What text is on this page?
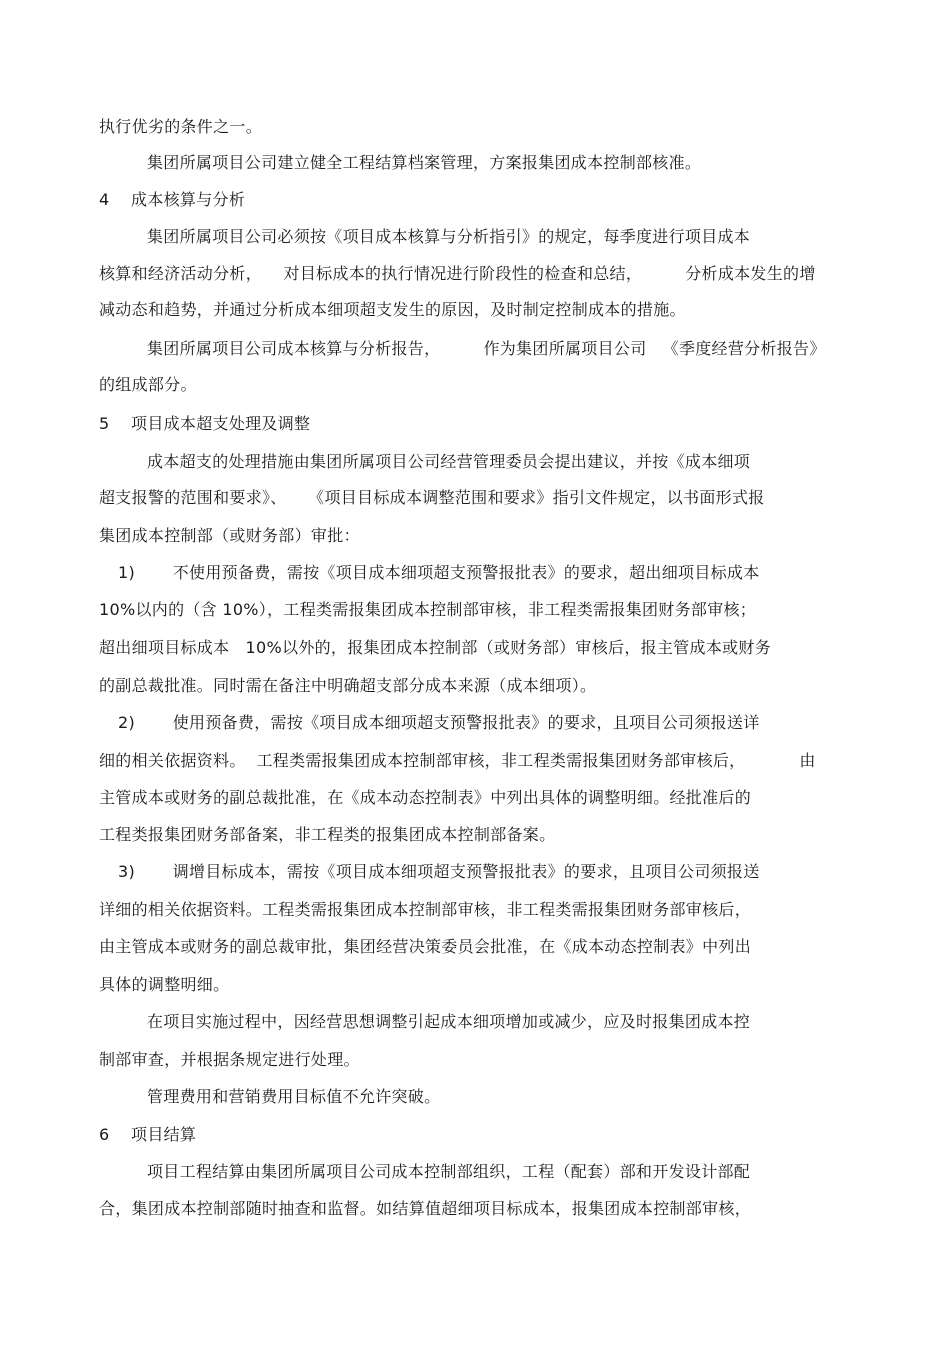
执行优劣的条件之一。
集团所属项目公司建立健全工程结算档案管理，方案报集团成本控制部核准。
4    成本核算与分析
集团所属项目公司必须按《项目成本核算与分析指引》的规定，每季度进行项目成本
核算和经济活动分析，    对目标成本的执行情况进行阶段性的检查和总结，        分析成本发生的增
减动态和趋势，并通过分析成本细项超支发生的原因，及时制定控制成本的措施。
集团所属项目公司成本核算与分析报告，        作为集团所属项目公司   《季度经营分析报告》
的组成部分。
5    项目成本超支处理及调整
成本超支的处理措施由集团所属项目公司经营管理委员会提出建议，并按《成本细项
超支报警的范围和要求》、    《项目目标成本调整范围和要求》指引文件规定，以书面形式报
集团成本控制部（或财务部）审批：
1)       不使用预备费，需按《项目成本细项超支预警报批表》的要求，超出细项目标成本
10%以内的（含 10%），工程类需报集团成本控制部审核，非工程类需报集团财务部审核；
超出细项目标成本   10%以外的，报集团成本控制部（或财务部）审核后，报主管成本或财务
的副总裁批准。同时需在备注中明确超支部分成本来源（成本细项）。
2)       使用预备费，需按《项目成本细项超支预警报批表》的要求，且项目公司须报送详
细的相关依据资料。  工程类需报集团成本控制部审核，非工程类需报集团财务部审核后，          由
主管成本或财务的副总裁批准，在《成本动态控制表》中列出具体的调整明细。经批准后的
工程类报集团财务部备案，非工程类的报集团成本控制部备案。
3)       调增目标成本，需按《项目成本细项超支预警报批表》的要求，且项目公司须报送
详细的相关依据资料。工程类需报集团成本控制部审核，非工程类需报集团财务部审核后，
由主管成本或财务的副总裁审批，集团经营决策委员会批准，在《成本动态控制表》中列出
具体的调整明细。
在项目实施过程中，因经营思想调整引起成本细项增加或减少，应及时报集团成本控
制部审查，并根据条规定进行处理。
管理费用和营销费用目标值不允许突破。
6    项目结算
项目工程结算由集团所属项目公司成本控制部组织，工程（配套）部和开发设计部配
合，集团成本控制部随时抽查和监督。如结算值超细项目标成本，报集团成本控制部审核，
